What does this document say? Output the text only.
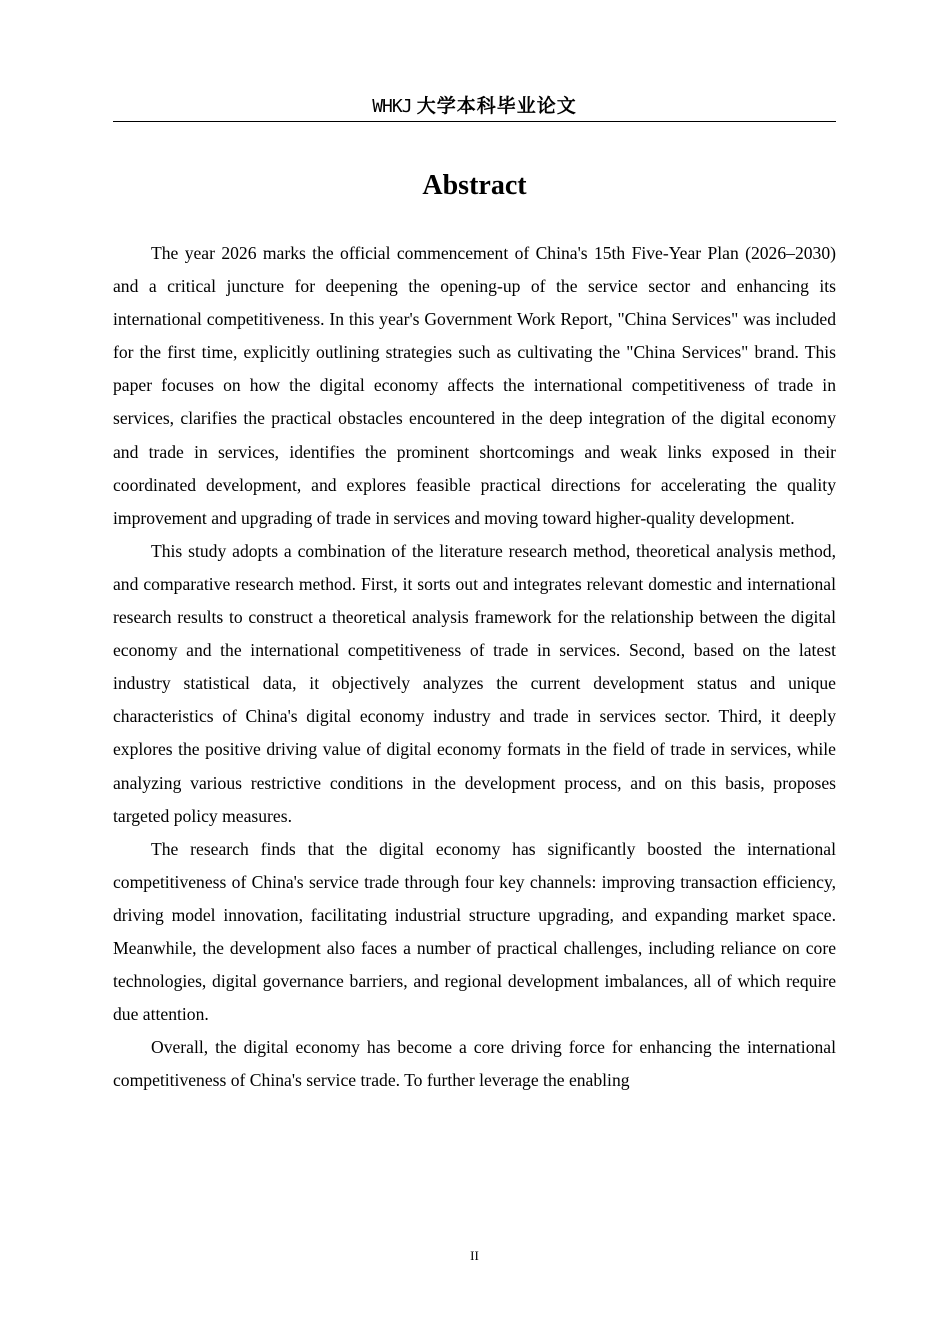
WHKJ 大学本科毕业论文
Abstract

The year 2026 marks the official commencement of China's 15th Five-Year Plan (2026–2030) and a critical juncture for deepening the opening-up of the service sector and enhancing its international competitiveness. In this year's Government Work Report, "China Services" was included for the first time, explicitly outlining strategies such as cultivating the "China Services" brand. This paper focuses on how the digital economy affects the international competitiveness of trade in services, clarifies the practical obstacles encountered in the deep integration of the digital economy and trade in services, identifies the prominent shortcomings and weak links exposed in their coordinated development, and explores feasible practical directions for accelerating the quality improvement and upgrading of trade in services and moving toward higher-quality development.

This study adopts a combination of the literature research method, theoretical analysis method, and comparative research method. First, it sorts out and integrates relevant domestic and international research results to construct a theoretical analysis framework for the relationship between the digital economy and the international competitiveness of trade in services. Second, based on the latest industry statistical data, it objectively analyzes the current development status and unique characteristics of China's digital economy industry and trade in services sector. Third, it deeply explores the positive driving value of digital economy formats in the field of trade in services, while analyzing various restrictive conditions in the development process, and on this basis, proposes targeted policy measures.

The research finds that the digital economy has significantly boosted the international competitiveness of China's service trade through four key channels: improving transaction efficiency, driving model innovation, facilitating industrial structure upgrading, and expanding market space. Meanwhile, the development also faces a number of practical challenges, including reliance on core technologies, digital governance barriers, and regional development imbalances, all of which require due attention.

Overall, the digital economy has become a core driving force for enhancing the international competitiveness of China's service trade. To further leverage the enabling

II
